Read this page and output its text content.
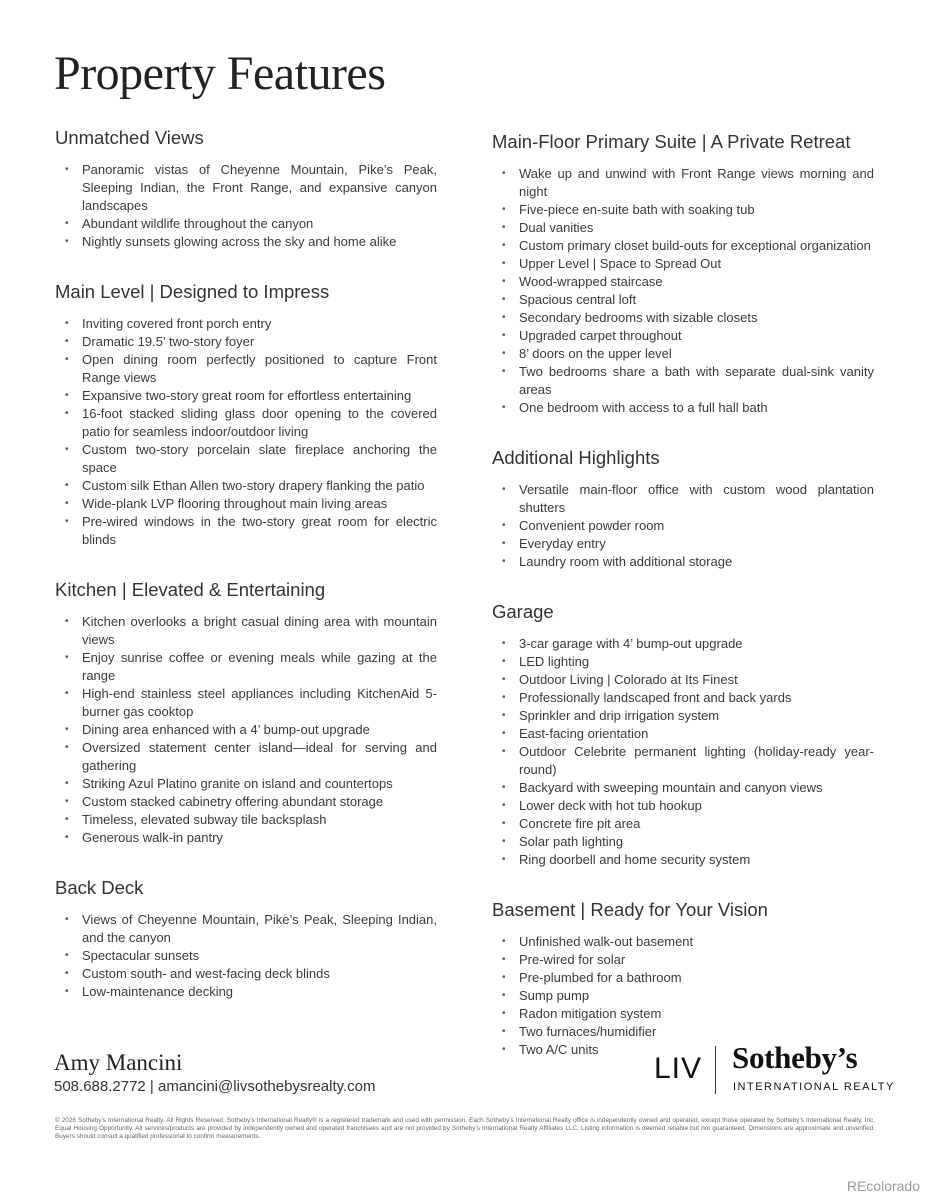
Property Features
Unmatched Views
• Panoramic vistas of Cheyenne Mountain, Pike’s Peak, Sleeping Indian, the Front Range, and expansive canyon landscapes
• Abundant wildlife throughout the canyon
• Nightly sunsets glowing across the sky and home alike
Main Level | Designed to Impress
• Inviting covered front porch entry
• Dramatic 19.5’ two-story foyer
• Open dining room perfectly positioned to capture Front Range views
• Expansive two-story great room for effortless entertaining
• 16-foot stacked sliding glass door opening to the covered patio for seamless indoor/outdoor living
• Custom two-story porcelain slate fireplace anchoring the space
• Custom silk Ethan Allen two-story drapery flanking the patio
• Wide-plank LVP flooring throughout main living areas
• Pre-wired windows in the two-story great room for electric blinds
Kitchen | Elevated & Entertaining
• Kitchen overlooks a bright casual dining area with mountain views
• Enjoy sunrise coffee or evening meals while gazing at the range
• High-end stainless steel appliances including KitchenAid 5-burner gas cooktop
• Dining area enhanced with a 4’ bump-out upgrade
• Oversized statement center island—ideal for serving and gathering
• Striking Azul Platino granite on island and countertops
• Custom stacked cabinetry offering abundant storage
• Timeless, elevated subway tile backsplash
• Generous walk-in pantry
Back Deck
• Views of Cheyenne Mountain, Pike’s Peak, Sleeping Indian, and the canyon
• Spectacular sunsets
• Custom south- and west-facing deck blinds
• Low-maintenance decking
Main-Floor Primary Suite | A Private Retreat
• Wake up and unwind with Front Range views morning and night
• Five-piece en-suite bath with soaking tub
• Dual vanities
• Custom primary closet build-outs for exceptional organization
• Upper Level | Space to Spread Out
• Wood-wrapped staircase
• Spacious central loft
• Secondary bedrooms with sizable closets
• Upgraded carpet throughout
• 8’ doors on the upper level
• Two bedrooms share a bath with separate dual-sink vanity areas
• One bedroom with access to a full hall bath
Additional Highlights
• Versatile main-floor office with custom wood plantation shutters
• Convenient powder room
• Everyday entry
• Laundry room with additional storage
Garage
• 3-car garage with 4’ bump-out upgrade
• LED lighting
• Outdoor Living | Colorado at Its Finest
• Professionally landscaped front and back yards
• Sprinkler and drip irrigation system
• East-facing orientation
• Outdoor Celebrite permanent lighting (holiday-ready year-round)
• Backyard with sweeping mountain and canyon views
• Lower deck with hot tub hookup
• Concrete fire pit area
• Solar path lighting
• Ring doorbell and home security system
Basement | Ready for Your Vision
• Unfinished walk-out basement
• Pre-wired for solar
• Pre-plumbed for a bathroom
• Sump pump
• Radon mitigation system
• Two furnaces/humidifier
• Two A/C units
Amy Mancini
508.688.2772 | amancini@livsothebysrealty.com
LIV Sotheby’s
INTERNATIONAL REALTY

© 2026 Sotheby’s International Realty. All Rights Reserved. Sotheby’s International Realty® is a registered trademark and used with permission. Each Sotheby’s International Realty office is independently owned and operated, except those operated by Sotheby’s International Realty, Inc. Equal Housing Opportunity. All services/products are provided by independently owned and operated franchisees and are not provided by Sotheby’s International Realty Affiliates LLC. Listing information is deemed reliable but not guaranteed. Dimensions are approximate and unverified. Buyers should consult a qualified professional to confirm measurements.

REcolorado
